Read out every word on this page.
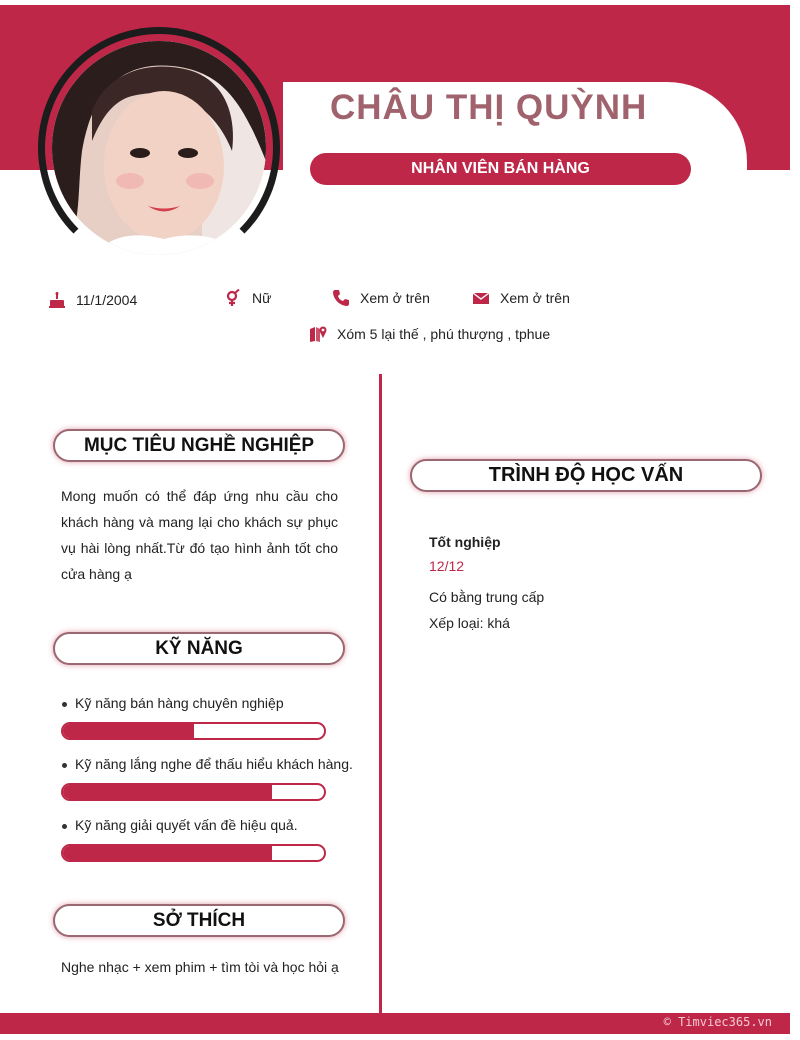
CHÂU THỊ QUỲNH
NHÂN VIÊN BÁN HÀNG
11/1/2004	Nữ	Xem ở trên	Xem ở trên
Xóm 5 lại thế , phú thượng , tphue
MỤC TIÊU NGHỀ NGHIỆP
Mong muốn có thể đáp ứng nhu cầu cho khách hàng và mang lại cho khách sự phục vụ hài lòng nhất.Từ đó tạo hình ảnh tốt cho cửa hàng ạ
KỸ NĂNG
Kỹ năng bán hàng chuyên nghiệp
Kỹ năng lắng nghe để thấu hiểu khách hàng.
Kỹ năng giải quyết vấn đề hiệu quả.
SỞ THÍCH
Nghe nhạc + xem phim + tìm tòi và học hỏi ạ
TRÌNH ĐỘ HỌC VẤN
Tốt nghiệp
12/12
Có bằng trung cấp
Xếp loại: khá
© Timviec365.vn
